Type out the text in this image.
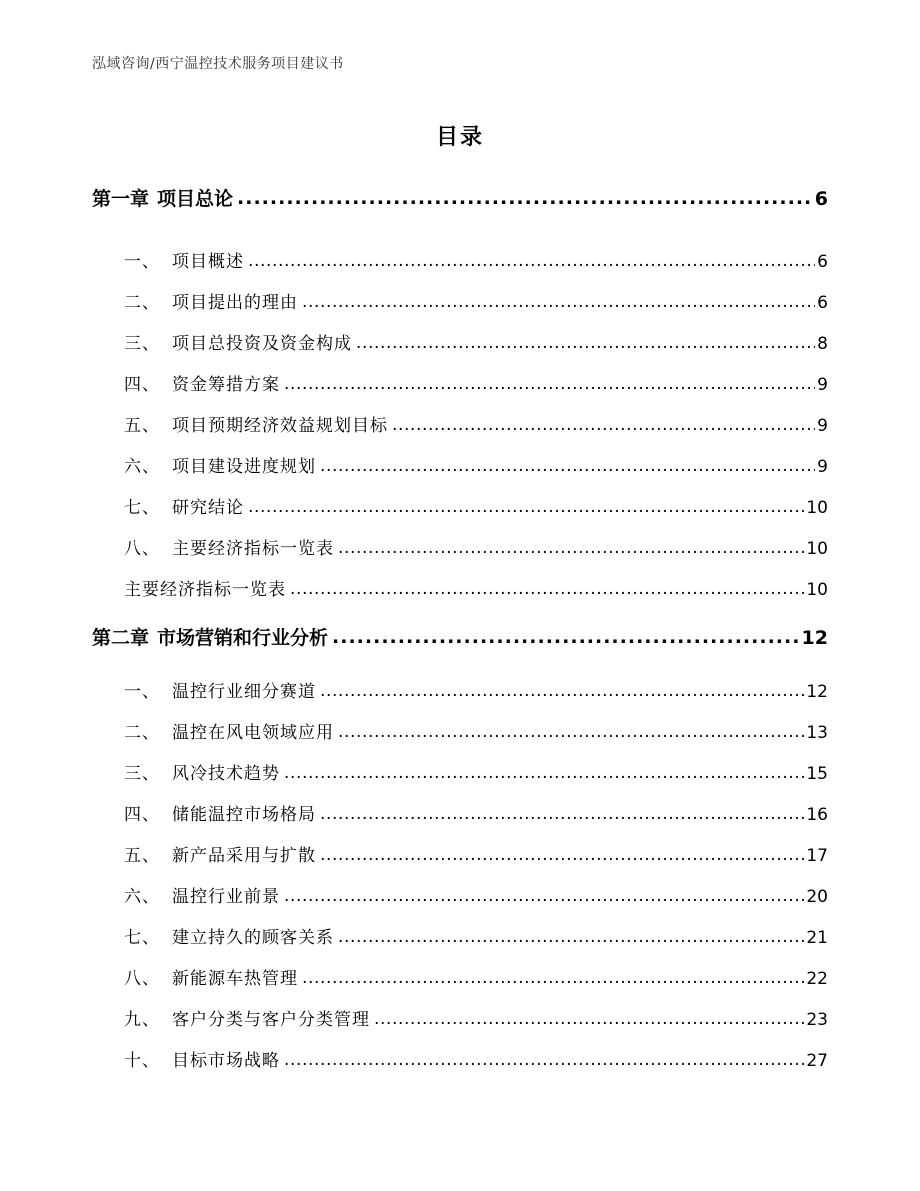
泓域咨询/西宁温控技术服务项目建议书
目录
第一章 项目总论 .....	6
一、 项目概述 .....	6
二、 项目提出的理由 .....	6
三、 项目总投资及资金构成 .....	8
四、 资金筹措方案 .....	9
五、 项目预期经济效益规划目标 .....	9
六、 项目建设进度规划 .....	9
七、 研究结论 .....	10
八、 主要经济指标一览表 .....	10
主要经济指标一览表 .....	10
第二章 市场营销和行业分析 .....	12
一、 温控行业细分赛道 .....	12
二、 温控在风电领域应用 .....	13
三、 风冷技术趋势 .....	15
四、 储能温控市场格局 .....	16
五、 新产品采用与扩散 .....	17
六、 温控行业前景 .....	20
七、 建立持久的顾客关系 .....	21
八、 新能源车热管理 .....	22
九、 客户分类与客户分类管理 .....	23
十、 目标市场战略 .....	27
